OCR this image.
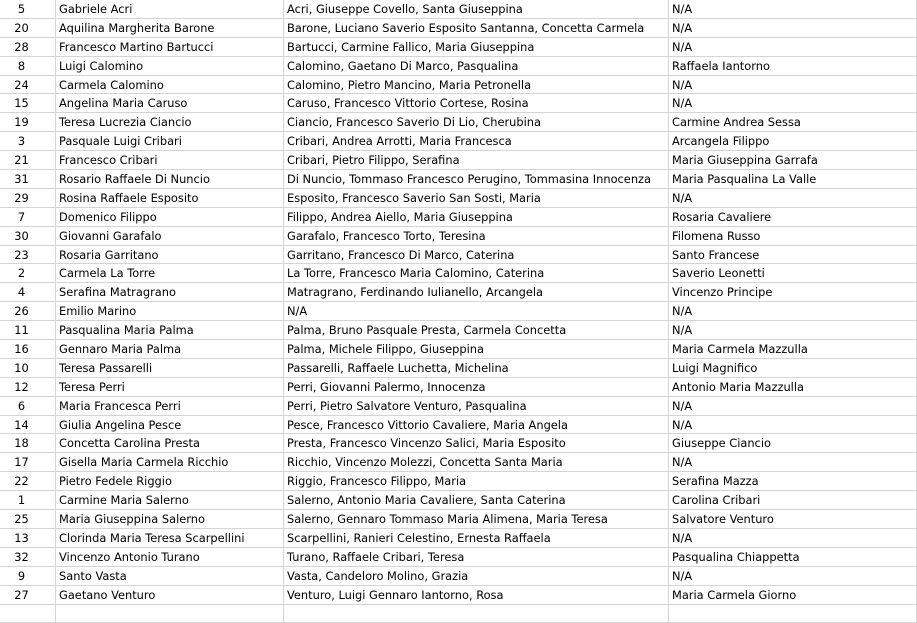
5	Gabriele Acri	Acri, Giuseppe Covello, Santa Giuseppina	N/A
20	Aquilina Margherita Barone	Barone, Luciano Saverio Esposito Santanna, Concetta Carmela	N/A
28	Francesco Martino Bartucci	Bartucci, Carmine Fallico, Maria Giuseppina	N/A
8	Luigi Calomino	Calomino, Gaetano Di Marco, Pasqualina	Raffaela Iantorno
24	Carmela Calomino	Calomino, Pietro Mancino, Maria Petronella	N/A
15	Angelina Maria Caruso	Caruso, Francesco Vittorio Cortese, Rosina	N/A
19	Teresa Lucrezia Ciancio	Ciancio, Francesco Saverio Di Lio, Cherubina	Carmine Andrea Sessa
3	Pasquale Luigi Cribari	Cribari, Andrea Arrotti, Maria Francesca	Arcangela Filippo
21	Francesco Cribari	Cribari, Pietro Filippo, Serafina	Maria Giuseppina Garrafa
31	Rosario Raffaele Di Nuncio	Di Nuncio, Tommaso Francesco Perugino, Tommasina Innocenza	Maria Pasqualina La Valle
29	Rosina Raffaele Esposito	Esposito, Francesco Saverio San Sosti, Maria	N/A
7	Domenico Filippo	Filippo, Andrea Aiello, Maria Giuseppina	Rosaria Cavaliere
30	Giovanni Garafalo	Garafalo, Francesco Torto, Teresina	Filomena Russo
23	Rosaria Garritano	Garritano, Francesco Di Marco, Caterina	Santo Francese
2	Carmela La Torre	La Torre, Francesco Maria Calomino, Caterina	Saverio Leonetti
4	Serafina Matragrano	Matragrano, Ferdinando Iulianello, Arcangela	Vincenzo Principe
26	Emilio Marino	N/A	N/A
11	Pasqualina Maria Palma	Palma, Bruno Pasquale Presta, Carmela Concetta	N/A
16	Gennaro Maria Palma	Palma, Michele Filippo, Giuseppina	Maria Carmela Mazzulla
10	Teresa Passarelli	Passarelli, Raffaele Luchetta, Michelina	Luigi Magnifico
12	Teresa Perri	Perri, Giovanni Palermo, Innocenza	Antonio Maria Mazzulla
6	Maria Francesca Perri	Perri, Pietro Salvatore Venturo, Pasqualina	N/A
14	Giulia Angelina Pesce	Pesce, Francesco Vittorio Cavaliere, Maria Angela	N/A
18	Concetta Carolina Presta	Presta, Francesco Vincenzo Salici, Maria Esposito	Giuseppe Ciancio
17	Gisella Maria Carmela Ricchio	Ricchio, Vincenzo Molezzi, Concetta Santa Maria	N/A
22	Pietro Fedele Riggio	Riggio, Francesco Filippo, Maria	Serafina Mazza
1	Carmine Maria Salerno	Salerno, Antonio Maria Cavaliere, Santa Caterina	Carolina Cribari
25	Maria Giuseppina Salerno	Salerno, Gennaro Tommaso Maria Alimena, Maria Teresa	Salvatore Venturo
13	Clorinda Maria Teresa Scarpellini	Scarpellini, Ranieri Celestino, Ernesta Raffaela	N/A
32	Vincenzo Antonio Turano	Turano, Raffaele Cribari, Teresa	Pasqualina Chiappetta
9	Santo Vasta	Vasta, Candeloro Molino, Grazia	N/A
27	Gaetano Venturo	Venturo, Luigi Gennaro Iantorno, Rosa	Maria Carmela Giorno
